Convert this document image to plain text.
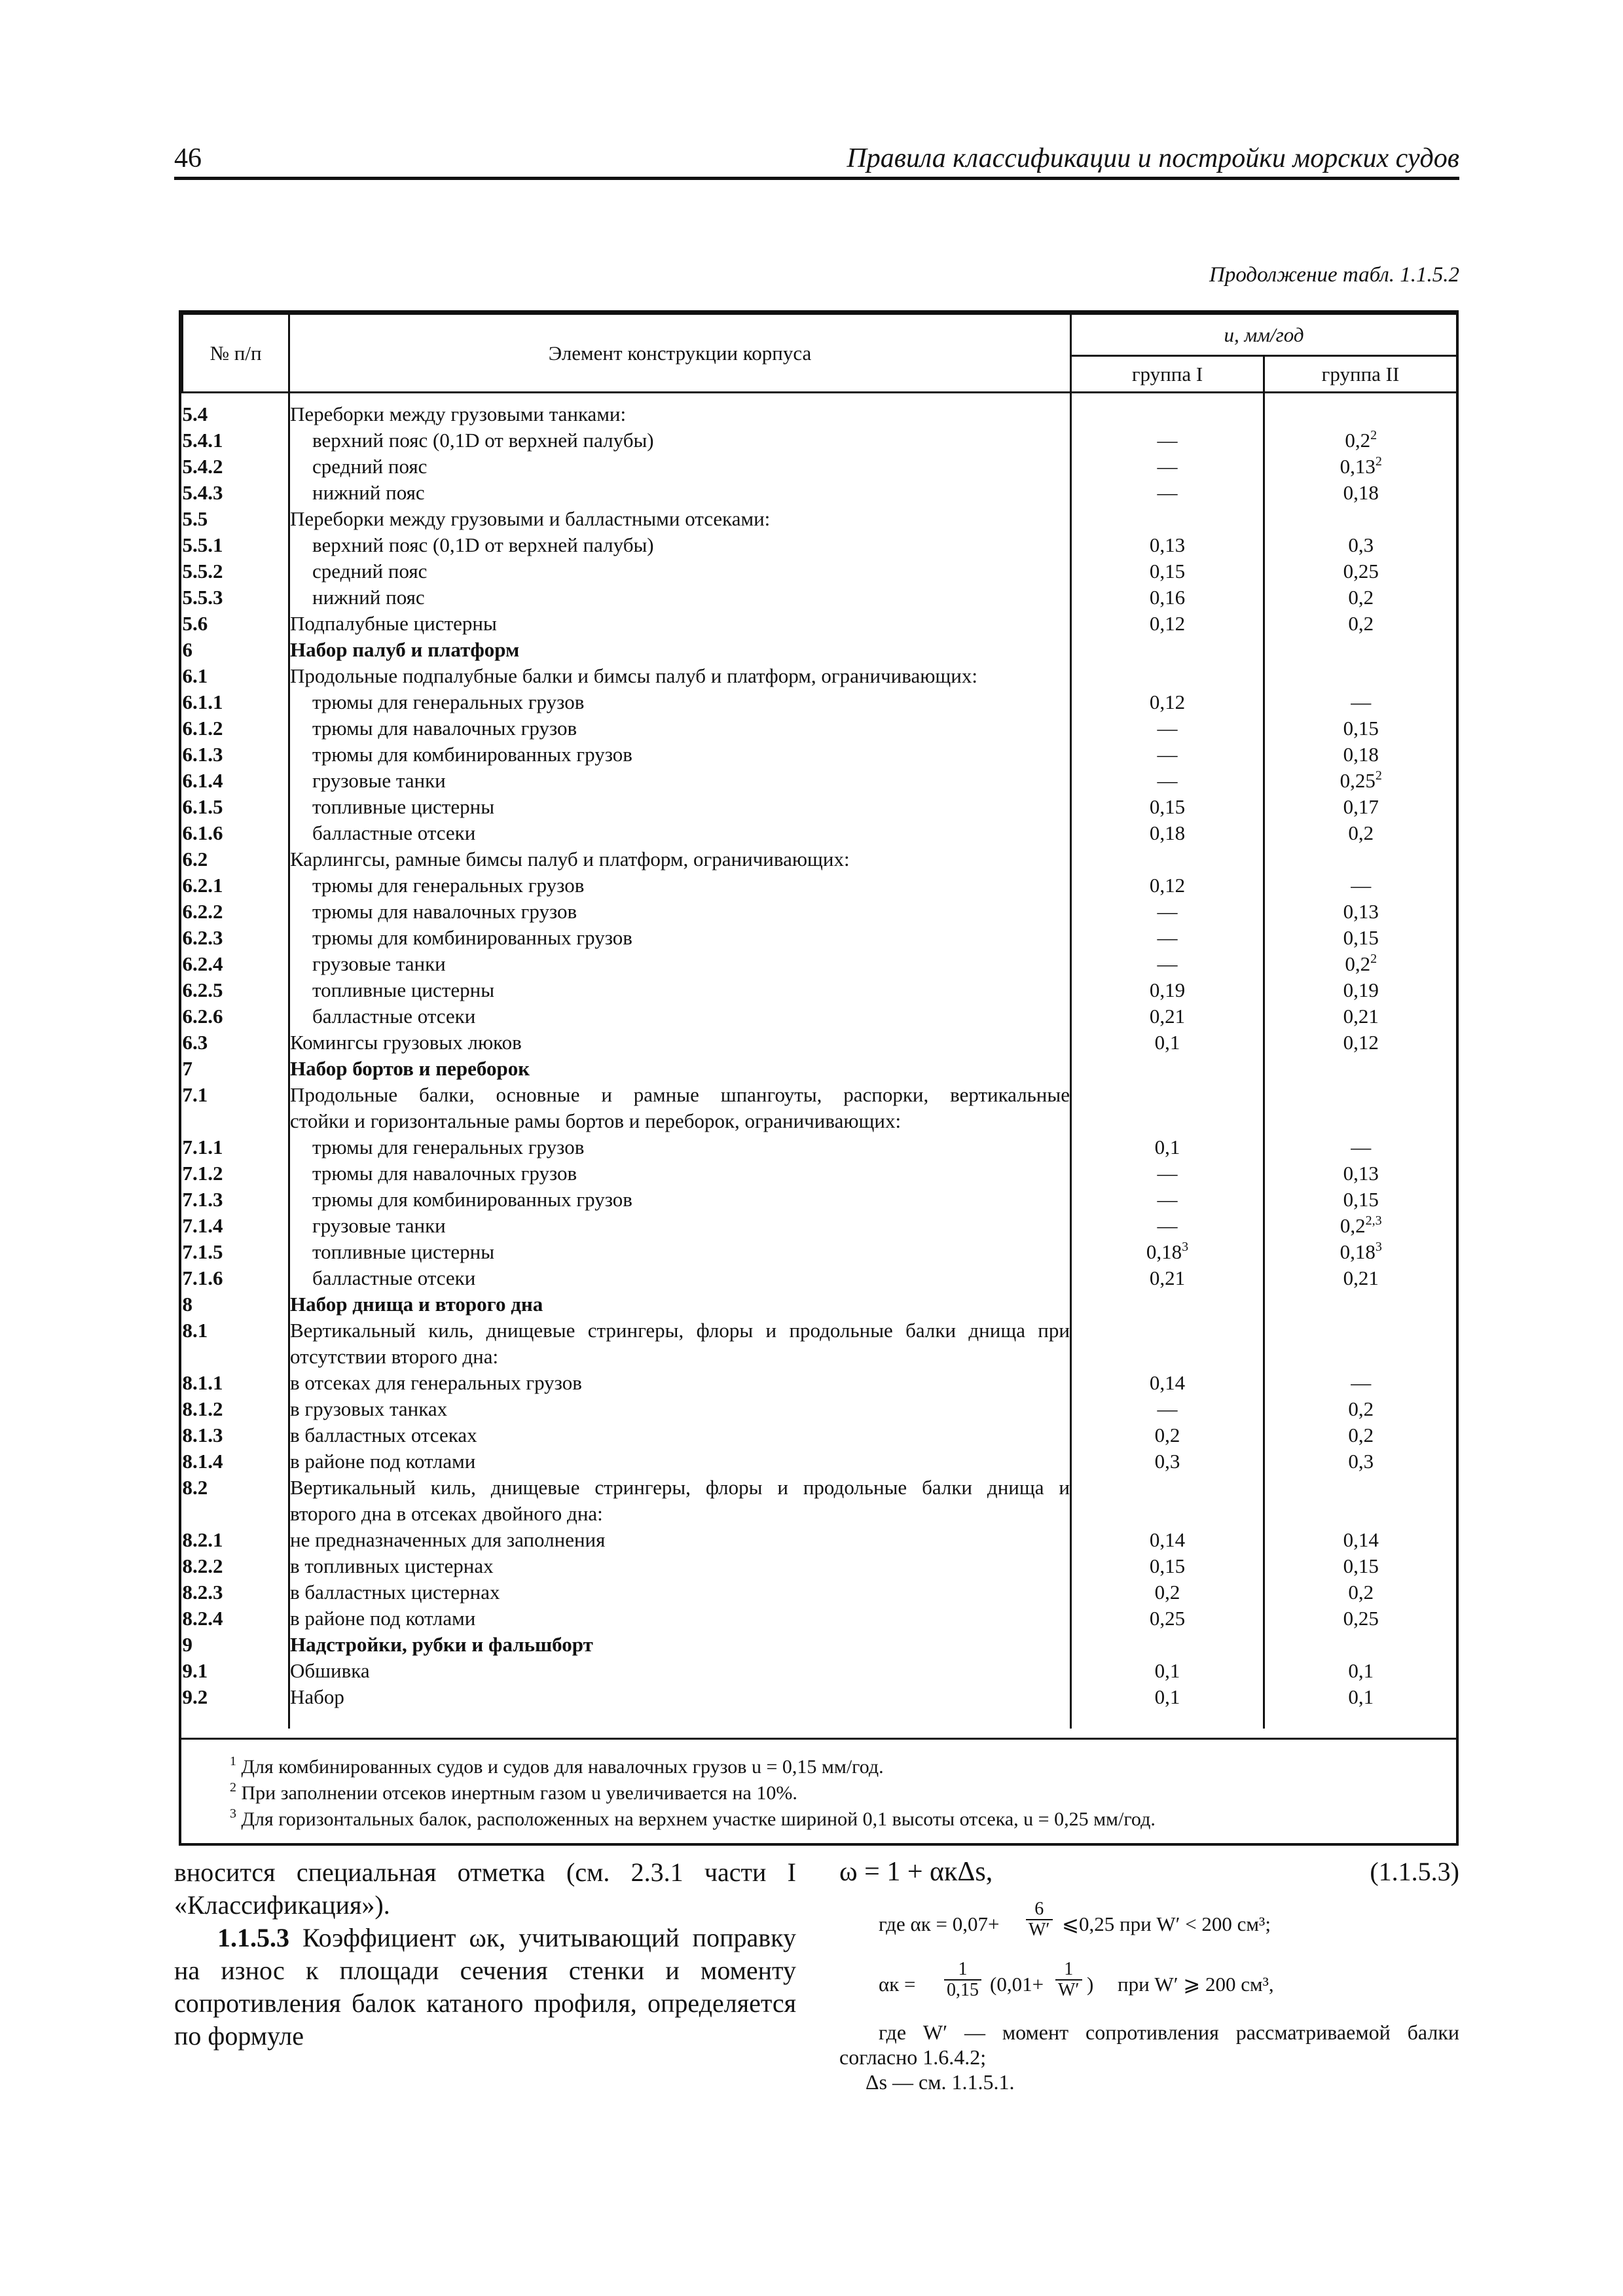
46	Правила классификации и постройки морских судов
Продолжение табл. 1.1.5.2
№ п/п	Элемент конструкции корпуса	u, мм/год	
		группа I	группа II
5.4	Переборки между грузовыми танками:		
5.4.1	верхний пояс (0,1D от верхней палубы)	—	$0,2^2$
5.4.2	средний пояс	—	0,13$^2$
5.4.3	нижний пояс	—	0,18
5.5	Переборки между грузовыми и балластными отсеками:		
5.5.1	верхний пояс (0,1D от верхней палубы)	0,13	0,3
5.5.2	средний пояс	0,15	0,25
5.5.3	нижний пояс	0,16	0,2
5.6	Подпалубные цистерны	0,12	0,2
6	Набор палуб и платформ		
6.1	Продольные подпалубные балки и бимсы палуб и платформ, ограничивающих:		
6.1.1	трюмы для генеральных грузов	0,12	—
6.1.2	трюмы для навалочных грузов	—	0,15
6.1.3	трюмы для комбинированных грузов	—	0,18
6.1.4	грузовые танки	—	0,25$^2$
6.1.5	топливные цистерны	0,15	0,17
6.1.6	балластные отсеки	0,18	0,2
6.2	Карлингсы, рамные бимсы палуб и платформ, ограничивающих:		
6.2.1	трюмы для генеральных грузов	0,12	—
6.2.2	трюмы для навалочных грузов	—	0,13
6.2.3	трюмы для комбинированных грузов	—	0,15
6.2.4	грузовые танки	—	$0,2^2$
6.2.5	топливные цистерны	0,19	0,19
6.2.6	балластные отсеки	0,21	0,21
6.3	Комингсы грузовых люков	0,1	0,12
7	Набор бортов и переборок		
7.1	Продольные балки, основные и рамные шпангоуты, распорки, вертикальные		
	стойки и горизонтальные рамы бортов и переборок, ограничивающих:		
7.1.1	трюмы для генеральных грузов	0,1	—
7.1.2	трюмы для навалочных грузов	—	0,13
7.1.3	трюмы для комбинированных грузов	—	0,15
7.1.4	грузовые танки	—	0,2$^{2,3}$
7.1.5	топливные цистерны	0,18$^3$	0,18$^3$
7.1.6	балластные отсеки	0,21	0,21
8	Набор днища и второго дна		
8.1	Вертикальный киль, днищевые стрингеры, флоры и продольные балки днища при		
	отсутствии второго дна:		
8.1.1	в отсеках для генеральных грузов	0,14	—
8.1.2	в грузовых танках	—	0,2
8.1.3	в балластных отсеках	0,2	0,2
8.1.4	в районе под котлами	0,3	0,3
8.2	Вертикальный киль, днищевые стрингеры, флоры и продольные балки днища и		
	второго дна в отсеках двойного дна:		
8.2.1	не предназначенных для заполнения	0,14	0,14
8.2.2	в топливных цистернах	0,15	0,15
8.2.3	в балластных цистернах	0,2	0,2
8.2.4	в районе под котлами	0,25	0,25
9	Надстройки, рубки и фальшборт		
9.1	Обшивка	0,1	0,1
9.2	Набор	0,1	0,1

$^1$ Для комбинированных судов и судов для навалочных грузов u = 0,15 мм/год.
$^2$ При заполнении отсеков инертным газом u увеличивается на 10%.
$^3$ Для горизонтальных балок, расположенных на верхнем участке шириной 0,1 высоты отсека, u = 0,25 мм/год.

вносится специальная отметка (см. 2.3.1 части I «Классификация»).

1.1.5.3 Коэффициент ωк, учитывающий поправку на износ к площади сечения стенки и моменту сопротивления балок катаного профиля, определяется по формуле

ω = 1 + αкΔs,	(1.1.5.3)
где $\alpha к = 0,07+ \frac{6}{W'}$ ⩽0,25 при W′ < 200 см³;
$\alpha к = \frac{1}{0,15} (0,01+ \frac{1}{W'}$ ) при W′ ⩾ 200 см³,
где W′ — момент сопротивления рассматриваемой балки согласно 1.6.4.2;
Δs — см. 1.1.5.1.
